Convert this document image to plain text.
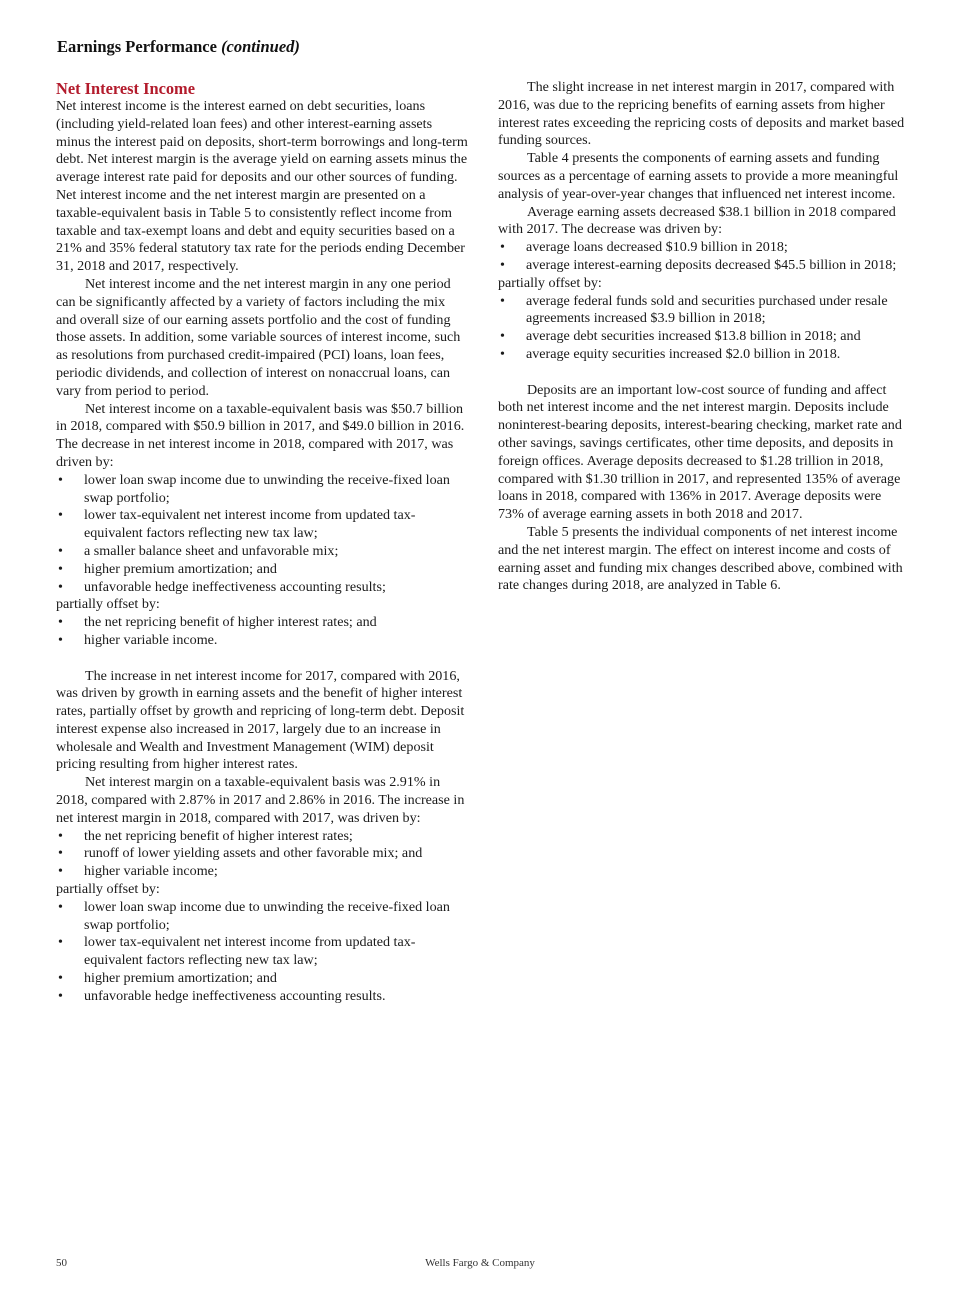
Earnings Performance (continued)
Net Interest Income

Net interest income is the interest earned on debt securities, loans (including yield-related loan fees) and other interest-earning assets minus the interest paid on deposits, short-term borrowings and long-term debt. Net interest margin is the average yield on earning assets minus the average interest rate paid for deposits and our other sources of funding. Net interest income and the net interest margin are presented on a taxable-equivalent basis in Table 5 to consistently reflect income from taxable and tax-exempt loans and debt and equity securities based on a 21% and 35% federal statutory tax rate for the periods ending December 31, 2018 and 2017, respectively.

Net interest income and the net interest margin in any one period can be significantly affected by a variety of factors including the mix and overall size of our earning assets portfolio and the cost of funding those assets. In addition, some variable sources of interest income, such as resolutions from purchased credit-impaired (PCI) loans, loan fees, periodic dividends, and collection of interest on nonaccrual loans, can vary from period to period.

Net interest income on a taxable-equivalent basis was $50.7 billion in 2018, compared with $50.9 billion in 2017, and $49.0 billion in 2016. The decrease in net interest income in 2018, compared with 2017, was driven by:

• lower loan swap income due to unwinding the receive-fixed loan swap portfolio;
• lower tax-equivalent net interest income from updated tax-equivalent factors reflecting new tax law;
• a smaller balance sheet and unfavorable mix;
• higher premium amortization; and
• unfavorable hedge ineffectiveness accounting results;

partially offset by:

• the net repricing benefit of higher interest rates; and
• higher variable income.

The increase in net interest income for 2017, compared with 2016, was driven by growth in earning assets and the benefit of higher interest rates, partially offset by growth and repricing of long-term debt. Deposit interest expense also increased in 2017, largely due to an increase in wholesale and Wealth and Investment Management (WIM) deposit pricing resulting from higher interest rates.

Net interest margin on a taxable-equivalent basis was 2.91% in 2018, compared with 2.87% in 2017 and 2.86% in 2016. The increase in net interest margin in 2018, compared with 2017, was driven by:

• the net repricing benefit of higher interest rates;
• runoff of lower yielding assets and other favorable mix; and
• higher variable income;

partially offset by:

• lower loan swap income due to unwinding the receive-fixed loan swap portfolio;
• lower tax-equivalent net interest income from updated tax-equivalent factors reflecting new tax law;
• higher premium amortization; and
• unfavorable hedge ineffectiveness accounting results.

The slight increase in net interest margin in 2017, compared with 2016, was due to the repricing benefits of earning assets from higher interest rates exceeding the repricing costs of deposits and market based funding sources.

Table 4 presents the components of earning assets and funding sources as a percentage of earning assets to provide a more meaningful analysis of year-over-year changes that influenced net interest income.

Average earning assets decreased $38.1 billion in 2018 compared with 2017. The decrease was driven by:

• average loans decreased $10.9 billion in 2018;
• average interest-earning deposits decreased $45.5 billion in 2018;

partially offset by:

• average federal funds sold and securities purchased under resale agreements increased $3.9 billion in 2018;
• average debt securities increased $13.8 billion in 2018; and
• average equity securities increased $2.0 billion in 2018.

Deposits are an important low-cost source of funding and affect both net interest income and the net interest margin. Deposits include noninterest-bearing deposits, interest-bearing checking, market rate and other savings, savings certificates, other time deposits, and deposits in foreign offices. Average deposits decreased to $1.28 trillion in 2018, compared with $1.30 trillion in 2017, and represented 135% of average loans in 2018, compared with 136% in 2017. Average deposits were 73% of average earning assets in both 2018 and 2017.

Table 5 presents the individual components of net interest income and the net interest margin. The effect on interest income and costs of earning asset and funding mix changes described above, combined with rate changes during 2018, are analyzed in Table 6.

50	Wells Fargo & Company
